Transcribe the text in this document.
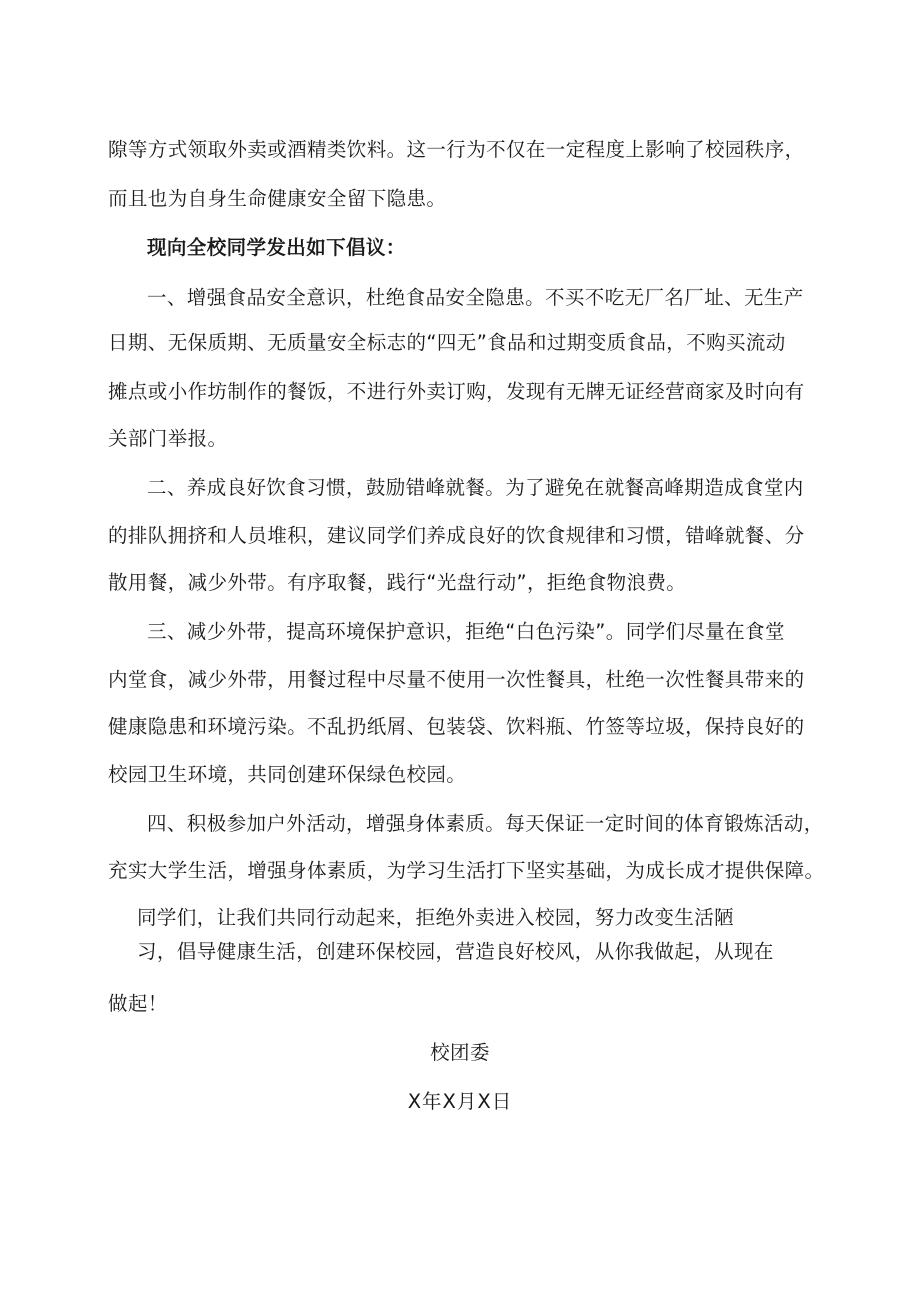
隙等方式领取外卖或酒精类饮料。这一行为不仅在一定程度上影响了校园秩序，
而且也为自身生命健康安全留下隐患。
现向全校同学发出如下倡议：
一、增强食品安全意识，杜绝食品安全隐患。不买不吃无厂名厂址、无生产
日期、无保质期、无质量安全标志的“四无”食品和过期变质食品，不购买流动
摊点或小作坊制作的餐饭，不进行外卖订购，发现有无牌无证经营商家及时向有
关部门举报。
二、养成良好饮食习惯，鼓励错峰就餐。为了避免在就餐高峰期造成食堂内
的排队拥挤和人员堆积，建议同学们养成良好的饮食规律和习惯，错峰就餐、分
散用餐，减少外带。有序取餐，践行“光盘行动”，拒绝食物浪费。
三、减少外带，提高环境保护意识，拒绝“白色污染”。同学们尽量在食堂
内堂食，减少外带，用餐过程中尽量不使用一次性餐具，杜绝一次性餐具带来的
健康隐患和环境污染。不乱扔纸屑、包装袋、饮料瓶、竹签等垃圾，保持良好的
校园卫生环境，共同创建环保绿色校园。
四、积极参加户外活动，增强身体素质。每天保证一定时间的体育锻炼活动，
充实大学生活，增强身体素质，为学习生活打下坚实基础，为成长成才提供保障。
同学们，让我们共同行动起来，拒绝外卖进入校园，努力改变生活陋
习，倡导健康生活，创建环保校园，营造良好校风，从你我做起，从现在
做起！
校团委
X年X月X日
